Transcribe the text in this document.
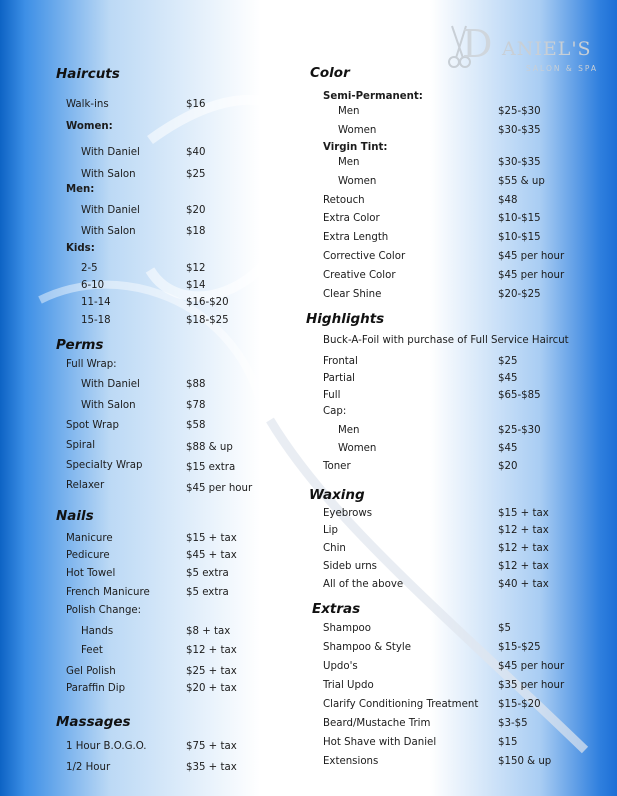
D ANIEL'S
SALON & SPA
Haircuts
Walk-ins	$16
Women:
With Daniel	$40
With Salon	$25
Men:
With Daniel	$20
With Salon	$18
Kids:
2-5	$12
6-10	$14
11-14	$16-$20
15-18	$18-$25
Perms
Full Wrap:
With Daniel	$88
With Salon	$78
Spot Wrap	$58
Spiral	$88 & up
Specialty Wrap	$15 extra
Relaxer	$45 per hour
Nails
Manicure	$15 + tax
Pedicure	$45 + tax
Hot Towel	$5 extra
French Manicure	$5 extra
Polish Change:
Hands	$8 + tax
Feet	$12 + tax
Gel Polish	$25 + tax
Paraffin Dip	$20 + tax
Massages
1 Hour B.O.G.O.	$75 + tax
1/2 Hour	$35 + tax
Color
Semi-Permanent:
Men	$25-$30
Women	$30-$35
Virgin Tint:
Men	$30-$35
Women	$55 & up
Retouch	$48
Extra Color	$10-$15
Extra Length	$10-$15
Corrective Color	$45 per hour
Creative Color	$45 per hour
Clear Shine	$20-$25
Highlights
Buck-A-Foil with purchase of Full Service Haircut
Frontal	$25
Partial	$45
Full	$65-$85
Cap:
Men	$25-$30
Women	$45
Toner	$20
Waxing
Eyebrows	$15 + tax
Lip	$12 + tax
Chin	$12 + tax
Sideb urns	$12 + tax
All of the above	$40 + tax
Extras
Shampoo	$5
Shampoo & Style	$15-$25
Updo's	$45 per hour
Trial Updo	$35 per hour
Clarify Conditioning Treatment $15-$20
Beard/Mustache Trim	$3-$5
Hot Shave with Daniel	$15
Extensions	$150 & up
